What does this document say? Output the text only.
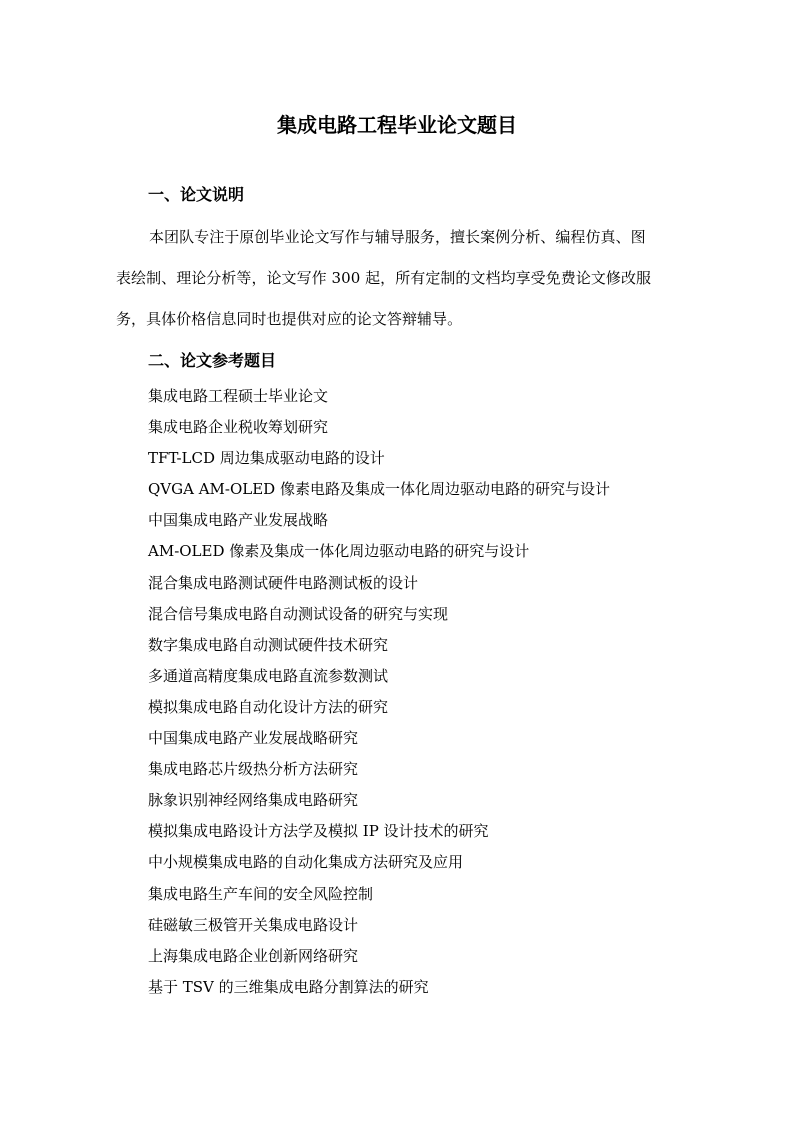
集成电路工程毕业论文题目
一、论文说明

本团队专注于原创毕业论文写作与辅导服务，擅长案例分析、编程仿真、图
表绘制、理论分析等，论文写作 300 起，所有定制的文档均享受免费论文修改服
务，具体价格信息同时也提供对应的论文答辩辅导。

二、论文参考题目
集成电路工程硕士毕业论文
集成电路企业税收筹划研究
TFT-LCD 周边集成驱动电路的设计
QVGA AM-OLED 像素电路及集成一体化周边驱动电路的研究与设计
中国集成电路产业发展战略
AM-OLED 像素及集成一体化周边驱动电路的研究与设计
混合集成电路测试硬件电路测试板的设计
混合信号集成电路自动测试设备的研究与实现
数字集成电路自动测试硬件技术研究
多通道高精度集成电路直流参数测试
模拟集成电路自动化设计方法的研究
中国集成电路产业发展战略研究
集成电路芯片级热分析方法研究
脉象识别神经网络集成电路研究
模拟集成电路设计方法学及模拟 IP 设计技术的研究
中小规模集成电路的自动化集成方法研究及应用
集成电路生产车间的安全风险控制
硅磁敏三极管开关集成电路设计
上海集成电路企业创新网络研究
基于 TSV 的三维集成电路分割算法的研究
